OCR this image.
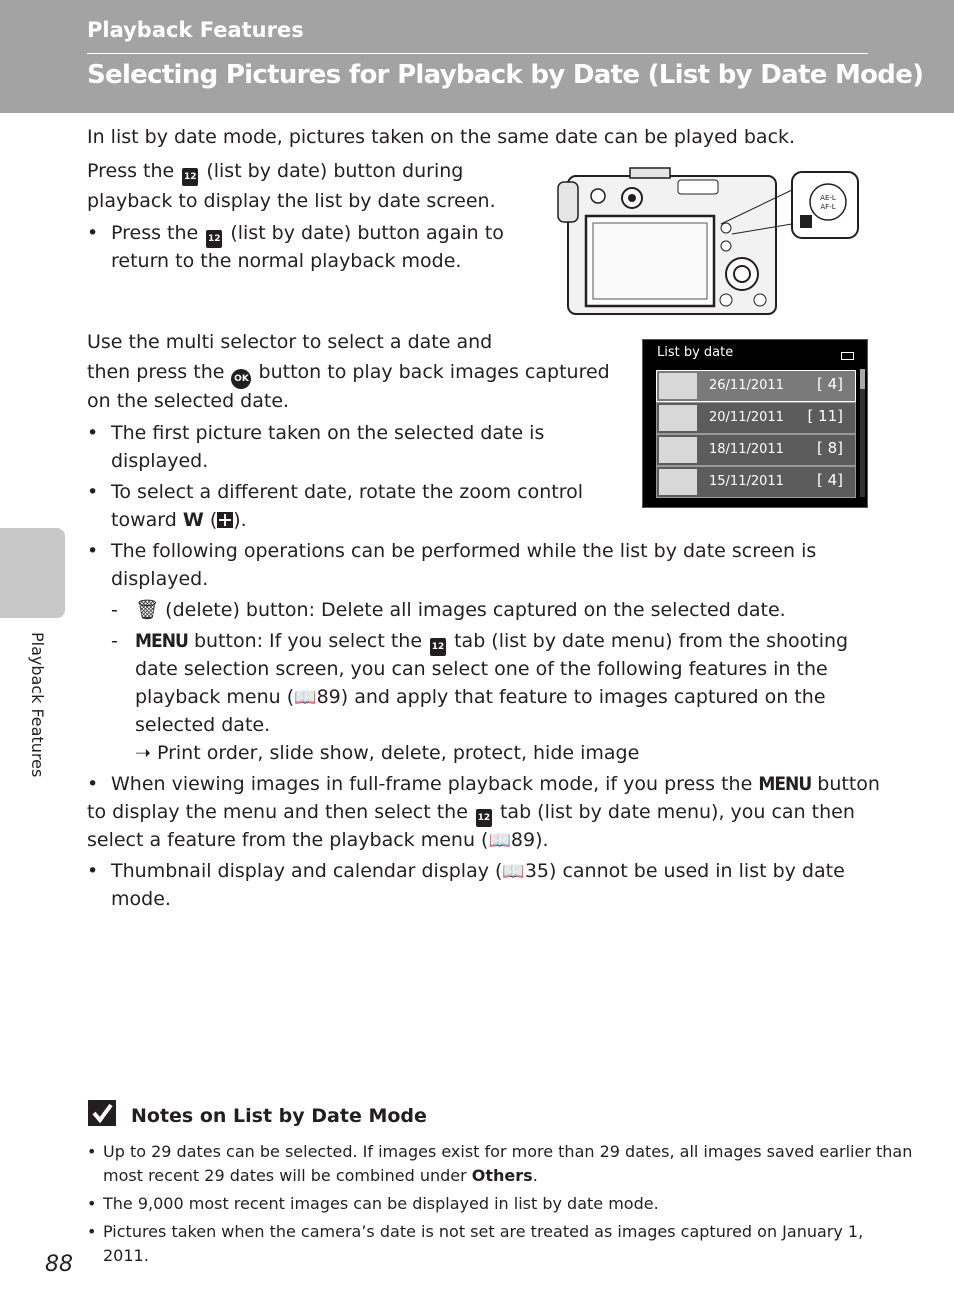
Playback Features
Selecting Pictures for Playback by Date (List by Date Mode)
Playback Features

In list by date mode, pictures taken on the same date can be played back.

Press the 12 (list by date) button during

playback to display the list by date screen.

• Press the 12 (list by date) button again to
return to the normal playback mode.
AE-L
AF-L

Use the multi selector to select a date and

then press the OK button to play back images captured

on the selected date.

• The first picture taken on the selected date is
displayed.
• To select a different date, rotate the zoom control
toward W ( ).
• The following operations can be performed while the list by date screen is
displayed.
- 🗑 (delete) button: Delete all images captured on the selected date.
- MENU button: If you select the 12 tab (list by date menu) from the shooting
date selection screen, you can select one of the following features in the
playback menu (📖89) and apply that feature to images captured on the
selected date.
➝ Print order, slide show, delete, protect, hide image
• When viewing images in full-frame playback mode, if you press the MENU button
to display the menu and then select the 12 tab (list by date menu), you can then
select a feature from the playback menu (📖89).
• Thumbnail display and calendar display (📖35) cannot be used in list by date
mode.
List by date
26/11/2011 [ 4]
20/11/2011 [ 11]
18/11/2011 [ 8]
15/11/2011 [ 4]
Notes on List by Date Mode
• Up to 29 dates can be selected. If images exist for more than 29 dates, all images saved earlier than
most recent 29 dates will be combined under Others.
• The 9,000 most recent images can be displayed in list by date mode.
• Pictures taken when the camera’s date is not set are treated as images captured on January 1,
2011.
88
